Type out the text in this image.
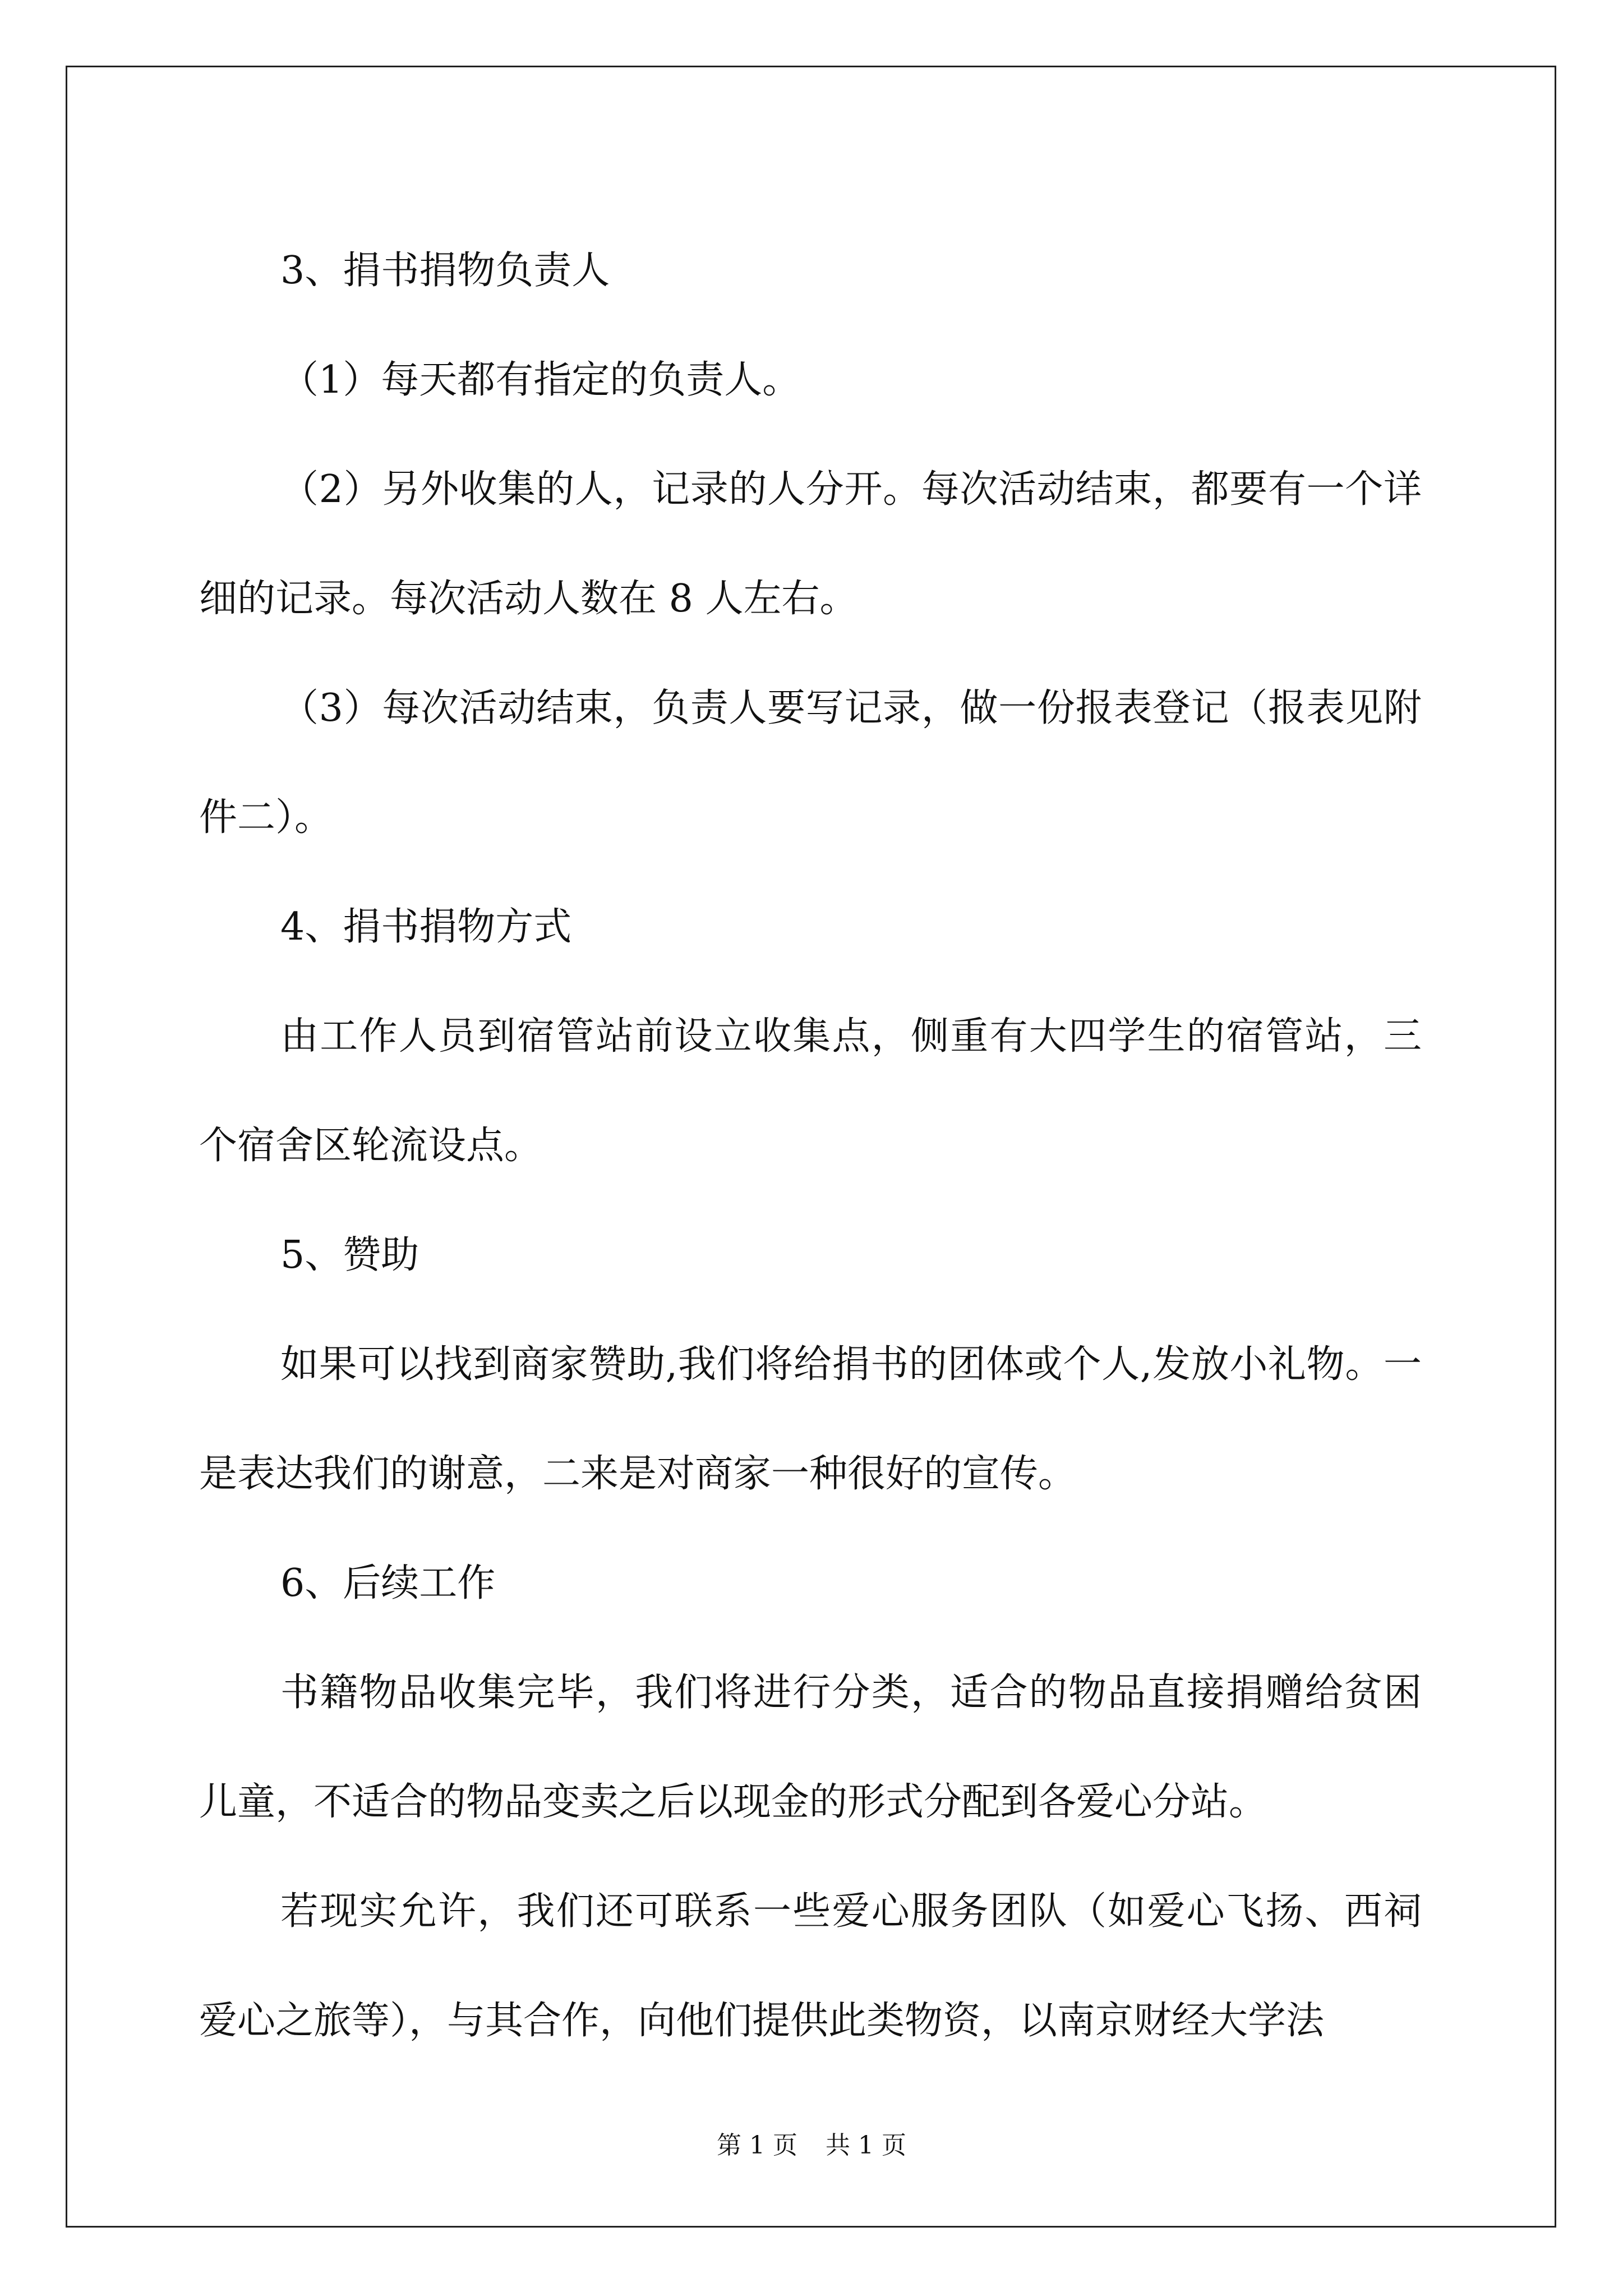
3、捐书捐物负责人

（1）每天都有指定的负责人。

（2）另外收集的人，记录的人分开。每次活动结束，都要有一个详细的记录。每次活动人数在 8 人左右。

（3）每次活动结束，负责人要写记录，做一份报表登记（报表见附件二）。

4、捐书捐物方式

由工作人员到宿管站前设立收集点，侧重有大四学生的宿管站，三个宿舍区轮流设点。

5、赞助

如果可以找到商家赞助,我们将给捐书的团体或个人,发放小礼物。一是表达我们的谢意，二来是对商家一种很好的宣传。

6、后续工作

书籍物品收集完毕，我们将进行分类，适合的物品直接捐赠给贫困儿童，不适合的物品变卖之后以现金的形式分配到各爱心分站。

若现实允许，我们还可联系一些爱心服务团队（如爱心飞扬、西祠爱心之旅等），与其合作，向他们提供此类物资，以南京财经大学法

第 1 页 共 1 页
